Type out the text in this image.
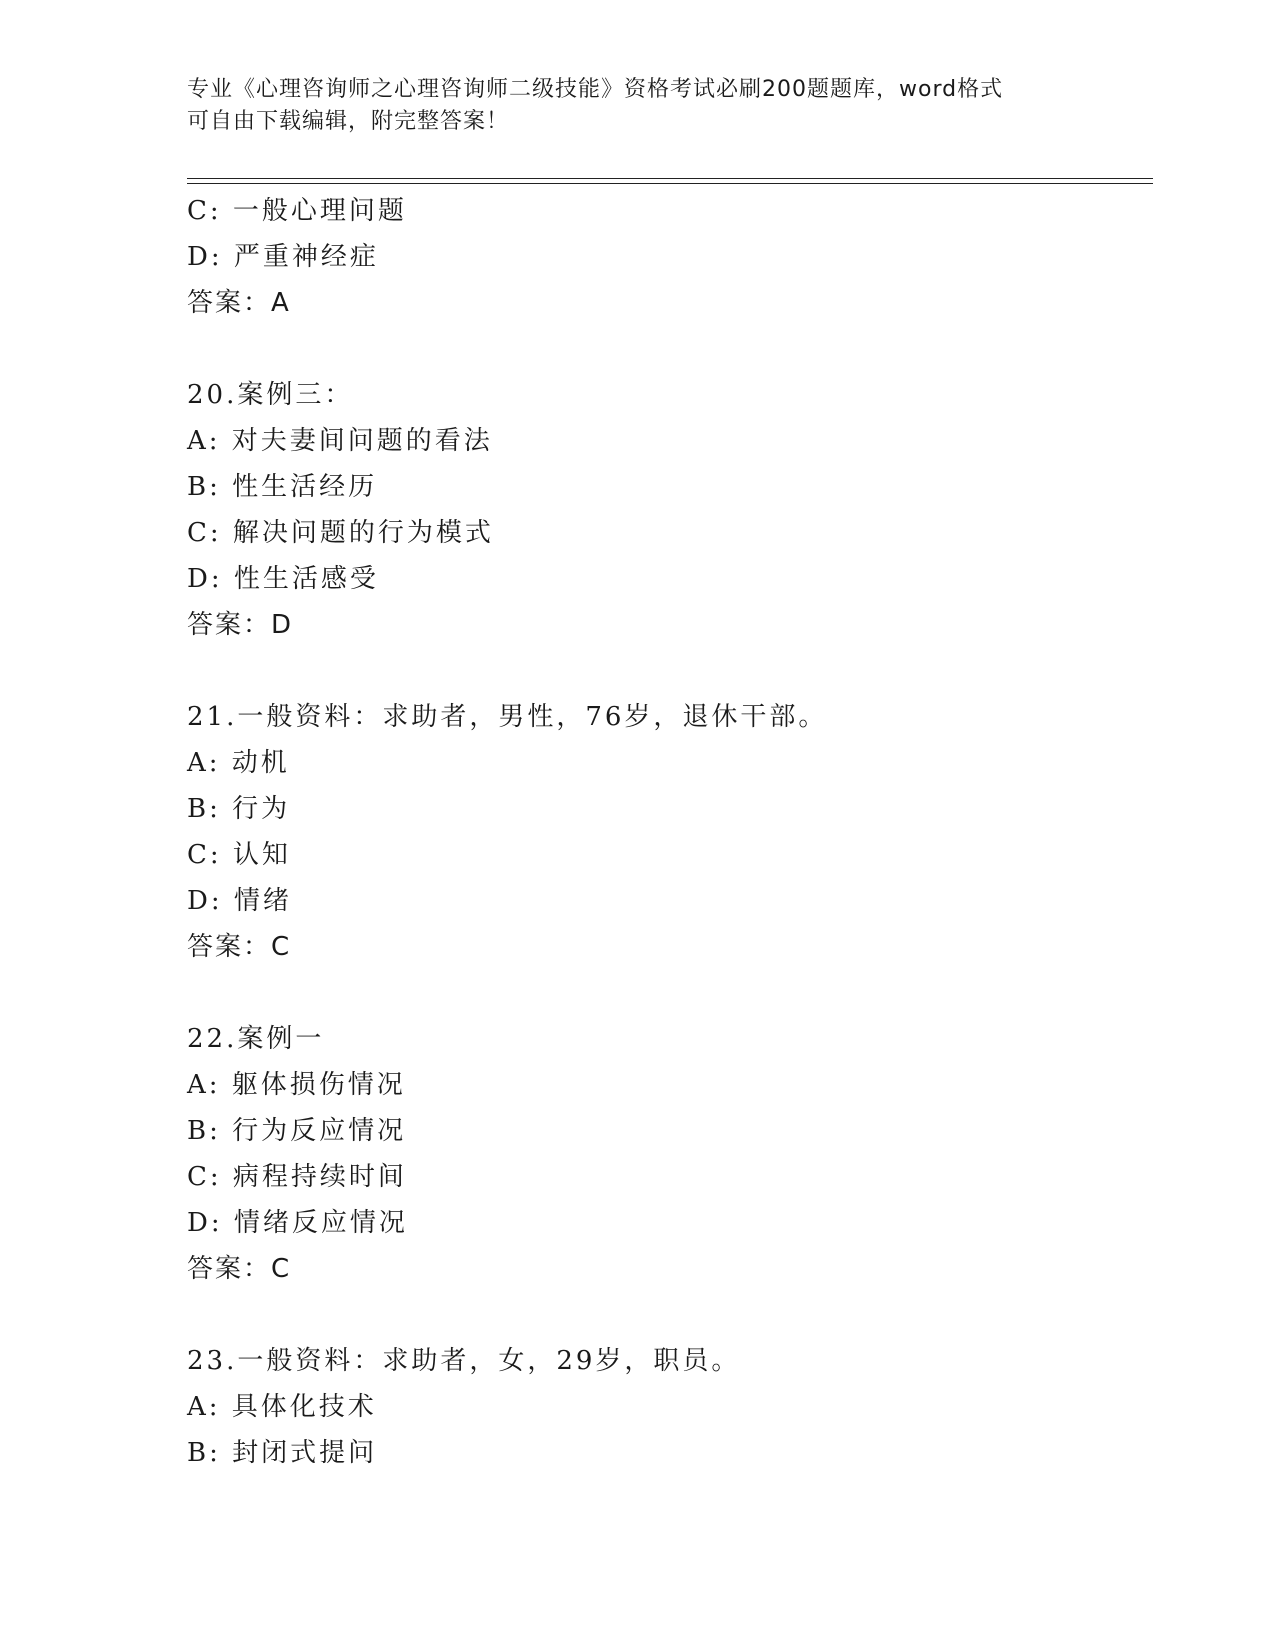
专业《心理咨询师之心理咨询师二级技能》资格考试必刷200题题库，word格式
可自由下载编辑，附完整答案！
C: 一般心理问题
D: 严重神经症
答案：A
20.案例三：
A: 对夫妻间问题的看法
B: 性生活经历
C: 解决问题的行为模式
D: 性生活感受
答案：D
21.一般资料：求助者，男性，76岁，退休干部。
A: 动机
B: 行为
C: 认知
D: 情绪
答案：C
22.案例一
A: 躯体损伤情况
B: 行为反应情况
C: 病程持续时间
D: 情绪反应情况
答案：C
23.一般资料：求助者，女，29岁，职员。
A: 具体化技术
B: 封闭式提问
